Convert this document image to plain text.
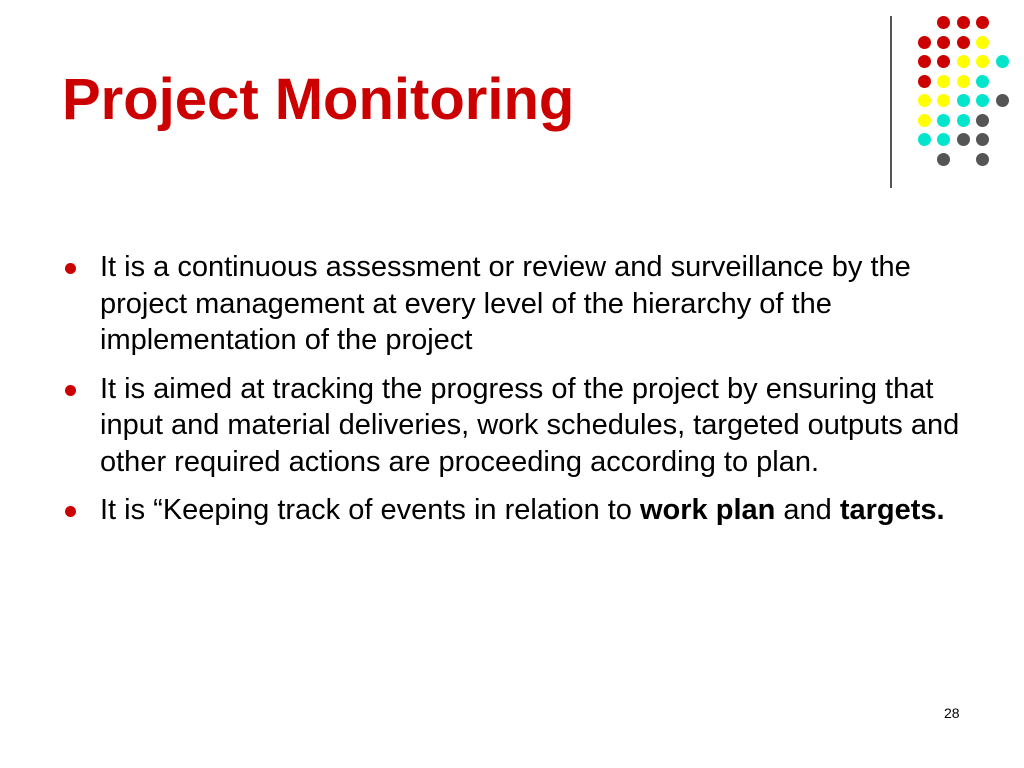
Project Monitoring
It is a continuous assessment or review and surveillance by the project management at every level of the hierarchy of the implementation of the project
It is aimed at tracking the progress of the project by ensuring that input and material deliveries, work schedules, targeted outputs and other required actions are proceeding according to plan.
It is “Keeping track of events in relation to work plan and targets.
28
